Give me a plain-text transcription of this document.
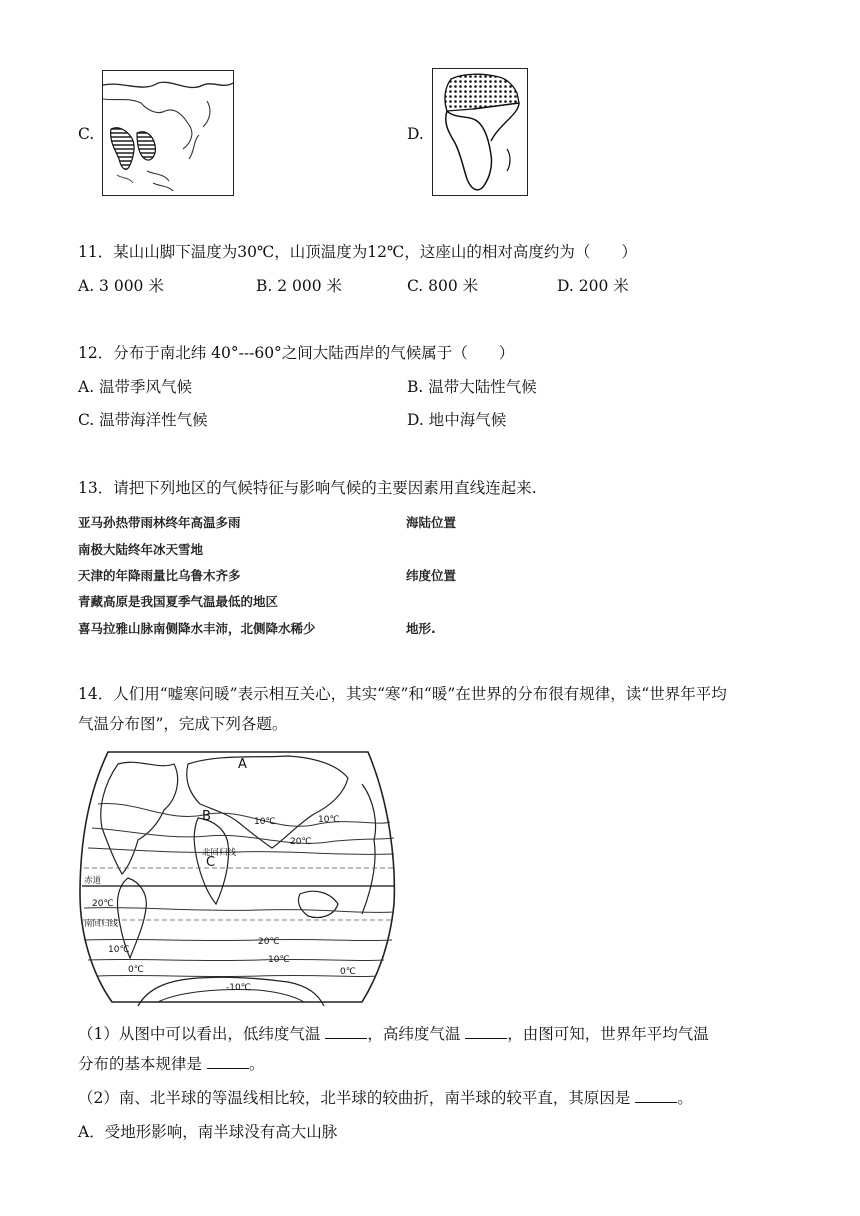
C.	D.
11．某山山脚下温度为30℃，山顶温度为12℃，这座山的相对高度约为（　　）
A. 3 000 米	B. 2 000 米	C. 800 米	D. 200 米
12．分布于南北纬 40°---60°之间大陆西岸的气候属于（　　）
A. 温带季风气候	B. 温带大陆性气候
C. 温带海洋性气候	D. 地中海气候
13．请把下列地区的气候特征与影响气候的主要因素用直线连起来.
亚马孙热带雨林终年高温多雨
南极大陆终年冰天雪地
天津的年降雨量比乌鲁木齐多
青藏高原是我国夏季气温最低的地区
喜马拉雅山脉南侧降水丰沛，北侧降水稀少
海陆位置
纬度位置
地形.
14．人们用“嘘寒问暖”表示相互关心，其实“寒”和“暖”在世界的分布很有规律，读“世界年平均
气温分布图”，完成下列各题。
A
B
C
10℃	10℃
20℃
北回归线
赤道
南回归线
20℃
20℃
10℃
10℃
0℃	0℃
-10℃
（1）从图中可以看出，低纬度气温	，高纬度气温	，由图可知，世界年平均气温
分布的基本规律是	。
（2）南、北半球的等温线相比较，北半球的较曲折，南半球的较平直，其原因是	。
A．受地形影响，南半球没有高大山脉
